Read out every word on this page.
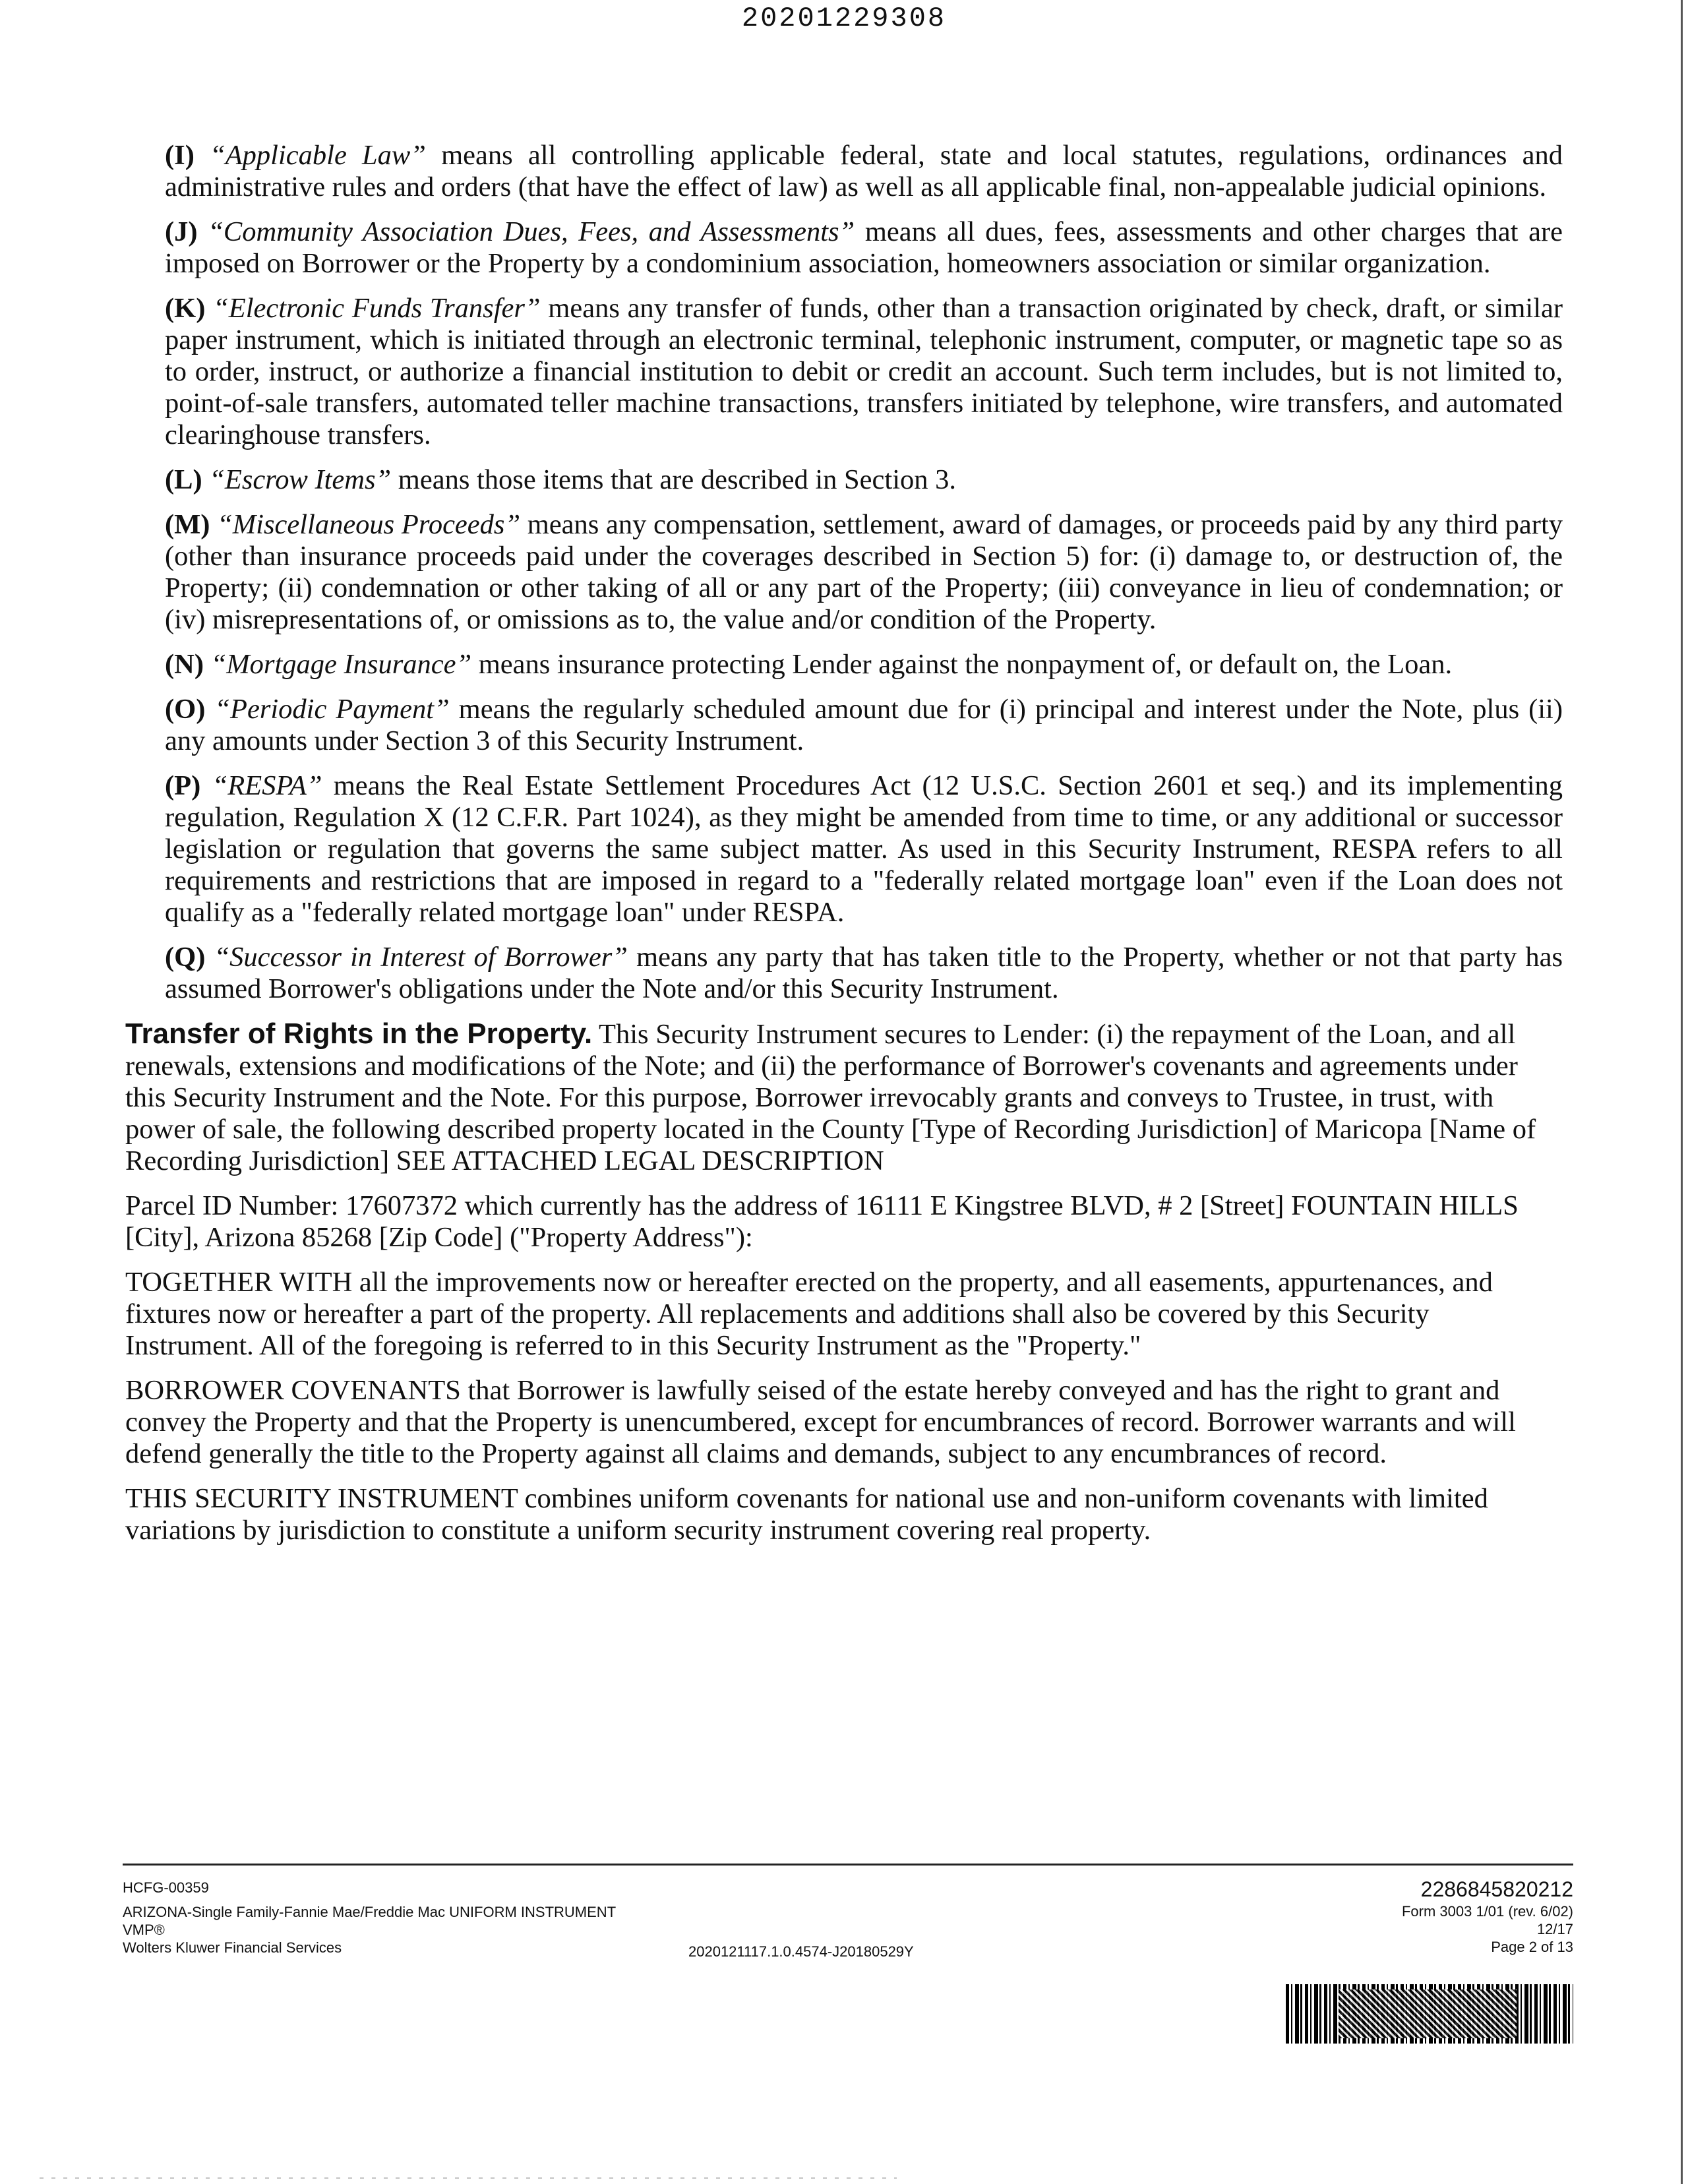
20201229308

(I) “Applicable Law” means all controlling applicable federal, state and local statutes, regulations, ordinances and administrative rules and orders (that have the effect of law) as well as all applicable final, non-appealable judicial opinions.

(J) “Community Association Dues, Fees, and Assessments” means all dues, fees, assessments and other charges that are imposed on Borrower or the Property by a condominium association, homeowners association or similar organization.

(K) “Electronic Funds Transfer” means any transfer of funds, other than a transaction originated by check, draft, or similar paper instrument, which is initiated through an electronic terminal, telephonic instrument, computer, or magnetic tape so as to order, instruct, or authorize a financial institution to debit or credit an account. Such term includes, but is not limited to, point-of-sale transfers, automated teller machine transactions, transfers initiated by telephone, wire transfers, and automated clearinghouse transfers.

(L) “Escrow Items” means those items that are described in Section 3.

(M) “Miscellaneous Proceeds” means any compensation, settlement, award of damages, or proceeds paid by any third party (other than insurance proceeds paid under the coverages described in Section 5) for: (i) damage to, or destruction of, the Property; (ii) condemnation or other taking of all or any part of the Property; (iii) conveyance in lieu of condemnation; or (iv) misrepresentations of, or omissions as to, the value and/or condition of the Property.

(N) “Mortgage Insurance” means insurance protecting Lender against the nonpayment of, or default on, the Loan.

(O) “Periodic Payment” means the regularly scheduled amount due for (i) principal and interest under the Note, plus (ii) any amounts under Section 3 of this Security Instrument.

(P) “RESPA” means the Real Estate Settlement Procedures Act (12 U.S.C. Section 2601 et seq.) and its implementing regulation, Regulation X (12 C.F.R. Part 1024), as they might be amended from time to time, or any additional or successor legislation or regulation that governs the same subject matter. As used in this Security Instrument, RESPA refers to all requirements and restrictions that are imposed in regard to a "federally related mortgage loan" even if the Loan does not qualify as a "federally related mortgage loan" under RESPA.

(Q) “Successor in Interest of Borrower” means any party that has taken title to the Property, whether or not that party has assumed Borrower's obligations under the Note and/or this Security Instrument.

Transfer of Rights in the Property. This Security Instrument secures to Lender: (i) the repayment of the Loan, and all renewals, extensions and modifications of the Note; and (ii) the performance of Borrower's covenants and agreements under this Security Instrument and the Note. For this purpose, Borrower irrevocably grants and conveys to Trustee, in trust, with power of sale, the following described property located in the County [Type of Recording Jurisdiction] of Maricopa [Name of Recording Jurisdiction] SEE ATTACHED LEGAL DESCRIPTION

Parcel ID Number: 17607372 which currently has the address of 16111 E Kingstree BLVD, # 2 [Street] FOUNTAIN HILLS [City], Arizona 85268 [Zip Code] ("Property Address"):

TOGETHER WITH all the improvements now or hereafter erected on the property, and all easements, appurtenances, and fixtures now or hereafter a part of the property. All replacements and additions shall also be covered by this Security Instrument. All of the foregoing is referred to in this Security Instrument as the "Property."

BORROWER COVENANTS that Borrower is lawfully seised of the estate hereby conveyed and has the right to grant and convey the Property and that the Property is unencumbered, except for encumbrances of record. Borrower warrants and will defend generally the title to the Property against all claims and demands, subject to any encumbrances of record.

THIS SECURITY INSTRUMENT combines uniform covenants for national use and non-uniform covenants with limited variations by jurisdiction to constitute a uniform security instrument covering real property.

HCFG-00359
ARIZONA-Single Family-Fannie Mae/Freddie Mac UNIFORM INSTRUMENT
VMP®
Wolters Kluwer Financial Services	2020121117.1.0.4574-J20180529Y
2286845820212
Form 3003 1/01 (rev. 6/02)
12/17
Page 2 of 13
